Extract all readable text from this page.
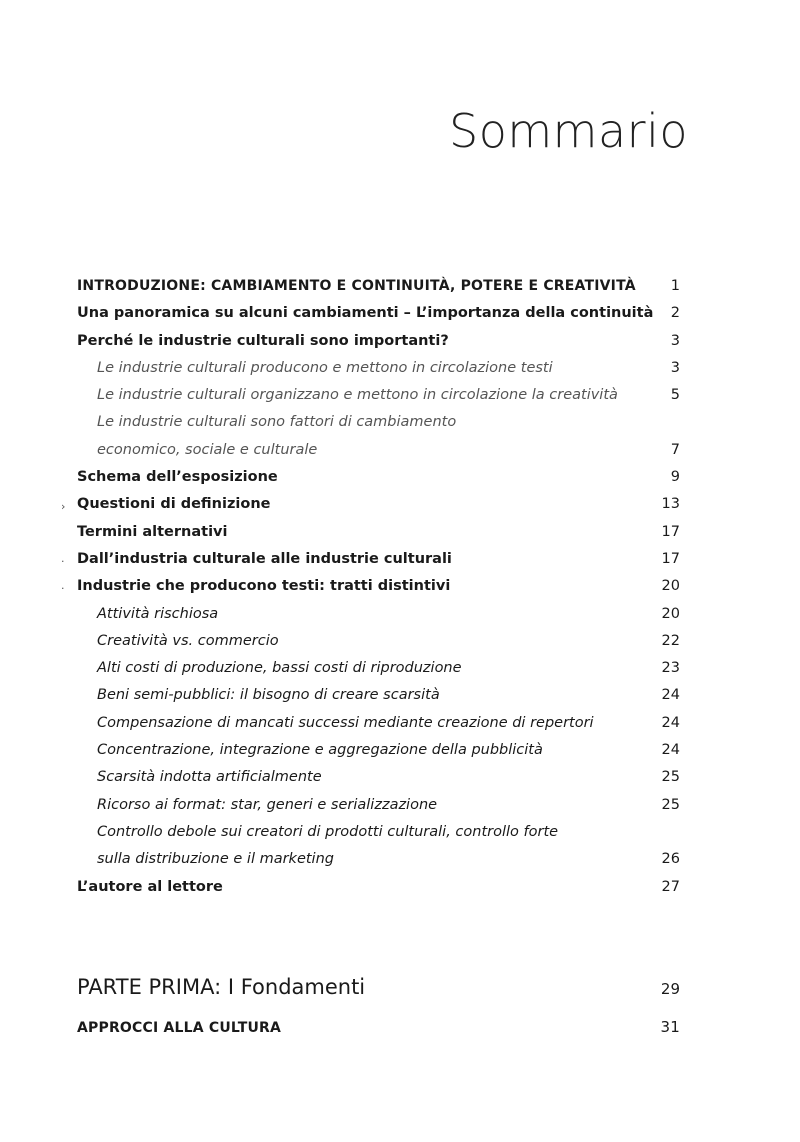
Sommario
INTRODUZIONE: CAMBIAMENTO E CONTINUITÀ, POTERE E CREATIVITÀ	1
Una panoramica su alcuni cambiamenti – L’importanza della continuità	2
Perché le industrie culturali sono importanti?	3
Le industrie culturali producono e mettono in circolazione testi	3
Le industrie culturali organizzano e mettono in circolazione la creatività	5
Le industrie culturali sono fattori di cambiamento
economico, sociale e culturale	7
Schema dell’esposizione	9
› Questioni di definizione	13
Termini alternativi	17
‧ Dall’industria culturale alle industrie culturali	17
· Industrie che producono testi: tratti distintivi	20
Attività rischiosa	20
Creatività vs. commercio	22
Alti costi di produzione, bassi costi di riproduzione	23
Beni semi-pubblici: il bisogno di creare scarsità	24
Compensazione di mancati successi mediante creazione di repertori	24
Concentrazione, integrazione e aggregazione della pubblicità	24
Scarsità indotta artificialmente	25
Ricorso ai format: star, generi e serializzazione	25
Controllo debole sui creatori di prodotti culturali, controllo forte
sulla distribuzione e il marketing	26
L’autore al lettore	27
PARTE PRIMA: I Fondamenti	29
APPROCCI ALLA CULTURA	31
